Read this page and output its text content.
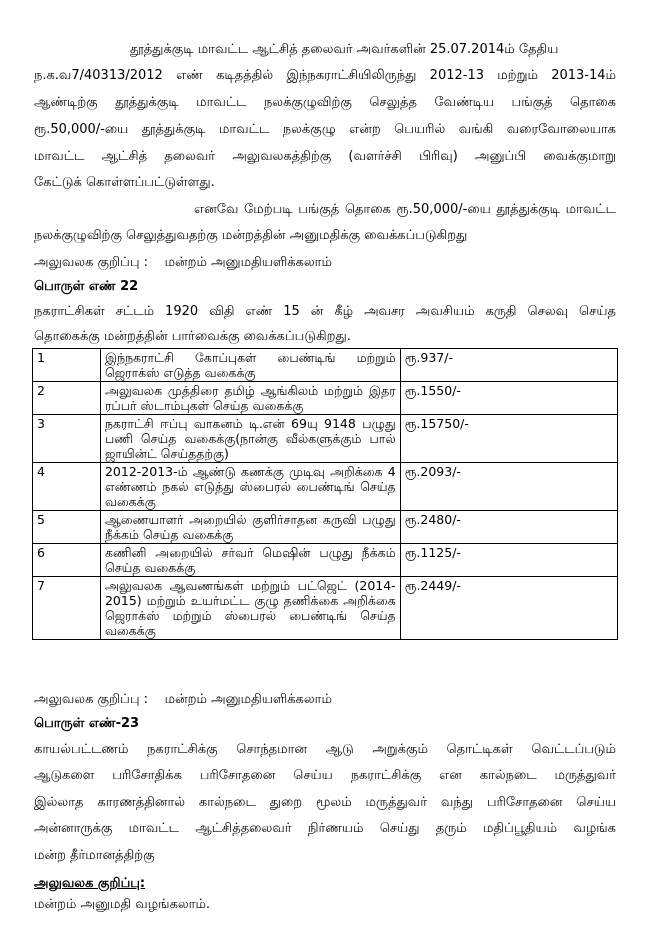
தூத்துக்குடி மாவட்ட ஆட்சித் தலைவர் அவர்களின் 25.07.2014ம் தேதிய
ந.க.வ7/40313/2012 எண் கடிதத்தில் இந்நகராட்சியிலிருந்து 2012-13 மற்றும் 2013-14ம்
ஆண்டிற்கு தூத்துக்குடி மாவட்ட நலக்குழுவிற்கு செலுத்த வேண்டிய பங்குத் தொகை
ரூ.50,000/-யை தூத்துக்குடி மாவட்ட நலக்குழு என்ற பெயரில் வங்கி வரைவோலையாக
மாவட்ட ஆட்சித் தலைவர் அலுவலகத்திற்கு (வளர்ச்சி பிரிவு) அனுப்பி வைக்குமாறு
கேட்டுக் கொள்ளப்பட்டுள்ளது.
எனவே மேற்படி பங்குத் தொகை ரூ.50,000/-யை தூத்துக்குடி மாவட்ட
நலக்குழுவிற்கு செலுத்துவதற்கு மன்றத்தின் அனுமதிக்கு வைக்கப்படுகிறது
அலுவலக குறிப்பு :    மன்றம் அனுமதியளிக்கலாம்
பொருள் எண் 22
நகராட்சிகள் சட்டம் 1920 விதி எண் 15 ன் கீழ் அவசர அவசியம் கருதி செலவு செய்த
தொகைக்கு மன்றத்தின் பார்வைக்கு வைக்கப்படுகிறது.
1	இந்நகராட்சி கோப்புகள் பைண்டிங் மற்றும் ஜெராக்ஸ் எடுத்த வகைக்கு	ரூ.937/-
2	அலுவலக முத்திரை தமிழ் ஆங்கிலம் மற்றும் இதர ரப்பர் ஸ்டாம்புகள் செய்த வகைக்கு	ரூ.1550/-
3	நகராட்சி ஈப்பு வாகனம் டி.என் 69யு 9148 பழுது பணி செய்த வகைக்கு(நான்கு வீல்களுக்கும் பால் ஜாயின்ட் செய்ததற்கு)	ரூ.15750/-
4	2012-2013-ம் ஆண்டு கணக்கு முடிவு அறிக்கை 4 எண்ணம் நகல் எடுத்து ஸ்பைரல் பைண்டிங் செய்த வகைக்கு	ரூ.2093/-
5	ஆணையாளர் அறையில் குளிர்சாதன கருவி பழுது நீக்கம் செய்த வகைக்கு	ரூ.2480/-
6	கணினி அறையில் சர்வர் மெஷின் பழுது நீக்கம் செய்த வகைக்கு	ரூ.1125/-
7	அலுவலக ஆவணங்கள் மற்றும் பட்ஜெட் (2014-2015) மற்றும் உயர்மட்ட குழு தணிக்கை அறிக்கை ஜெராக்ஸ் மற்றும் ஸ்பைரல் பைண்டிங் செய்த வகைக்கு	ரூ.2449/-
அலுவலக குறிப்பு :    மன்றம் அனுமதியளிக்கலாம்
பொருள் எண்-23
காயல்பட்டணம் நகராட்சிக்கு சொந்தமான ஆடு அறுக்கும் தொட்டிகள் வெட்டப்படும்
ஆடுகளை பரிசோதிக்க பரிசோதனை செய்ய நகராட்சிக்கு என கால்நடை மருத்துவர்
இல்லாத காரணத்தினால் கால்நடை துறை மூலம் மருத்துவர் வந்து பரிசோதனை செய்ய
அன்னாருக்கு மாவட்ட ஆட்சித்தலைவர் நிர்ணயம் செய்து தரும் மதிப்பூதியம் வழங்க
மன்ற தீர்மானத்திற்கு
அலுவலக குறிப்பு:
மன்றம் அனுமதி வழங்கலாம்.
